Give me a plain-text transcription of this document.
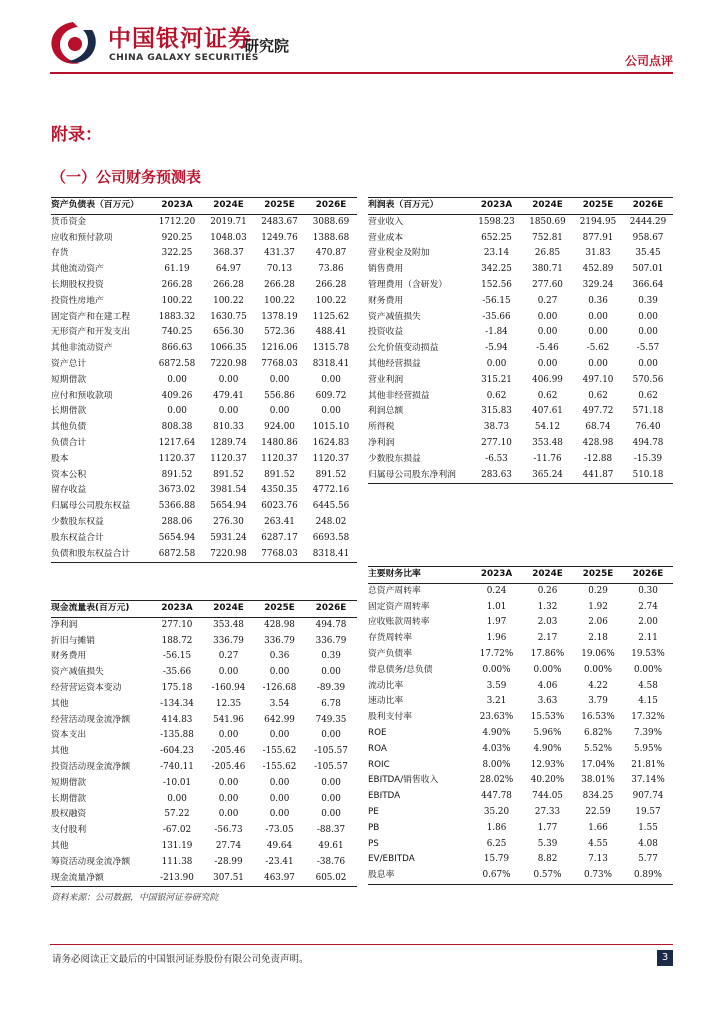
中国银河证券
CHINA GALAXY SECURITIES
研究院
公司点评
附录：
（一）公司财务预测表
资产负债表（百万元）	2023A	2024E	2025E	2026E
货币资金	1712.20	2019.71	2483.67	3088.69
应收和预付款项	920.25	1048.03	1249.76	1388.68
存货	322.25	368.37	431.37	470.87
其他流动资产	61.19	64.97	70.13	73.86
长期股权投资	266.28	266.28	266.28	266.28
投资性房地产	100.22	100.22	100.22	100.22
固定资产和在建工程	1883.32	1630.75	1378.19	1125.62
无形资产和开发支出	740.25	656.30	572.36	488.41
其他非流动资产	866.63	1066.35	1216.06	1315.78
资产总计	6872.58	7220.98	7768.03	8318.41
短期借款	0.00	0.00	0.00	0.00
应付和预收款项	409.26	479.41	556.86	609.72
长期借款	0.00	0.00	0.00	0.00
其他负债	808.38	810.33	924.00	1015.10
负债合计	1217.64	1289.74	1480.86	1624.83
股本	1120.37	1120.37	1120.37	1120.37
资本公积	891.52	891.52	891.52	891.52
留存收益	3673.02	3981.54	4350.35	4772.16
归属母公司股东权益	5366.88	5654.94	6023.76	6445.56
少数股东权益	288.06	276.30	263.41	248.02
股东权益合计	5654.94	5931.24	6287.17	6693.58
负债和股东权益合计	6872.58	7220.98	7768.03	8318.41
利润表（百万元）	2023A	2024E	2025E	2026E
营业收入	1598.23	1850.69	2194.95	2444.29
营业成本	652.25	752.81	877.91	958.67
营业税金及附加	23.14	26.85	31.83	35.45
销售费用	342.25	380.71	452.89	507.01
管理费用（含研发）	152.56	277.60	329.24	366.64
财务费用	-56.15	0.27	0.36	0.39
资产减值损失	-35.66	0.00	0.00	0.00
投资收益	-1.84	0.00	0.00	0.00
公允价值变动损益	-5.94	-5.46	-5.62	-5.57
其他经营损益	0.00	0.00	0.00	0.00
营业利润	315.21	406.99	497.10	570.56
其他非经营损益	0.62	0.62	0.62	0.62
利润总额	315.83	407.61	497.72	571.18
所得税	38.73	54.12	68.74	76.40
净利润	277.10	353.48	428.98	494.78
少数股东损益	-6.53	-11.76	-12.88	-15.39
归属母公司股东净利润	283.63	365.24	441.87	510.18
主要财务比率	2023A	2024E	2025E	2026E
总资产周转率	0.24	0.26	0.29	0.30
固定资产周转率	1.01	1.32	1.92	2.74
应收账款周转率	1.97	2.03	2.06	2.00
存货周转率	1.96	2.17	2.18	2.11
资产负债率	17.72%	17.86%	19.06%	19.53%
带息债务/总负债	0.00%	0.00%	0.00%	0.00%
流动比率	3.59	4.06	4.22	4.58
速动比率	3.21	3.63	3.79	4.15
股利支付率	23.63%	15.53%	16.53%	17.32%
ROE	4.90%	5.96%	6.82%	7.39%
ROA	4.03%	4.90%	5.52%	5.95%
ROIC	8.00%	12.93%	17.04%	21.81%
EBITDA/销售收入	28.02%	40.20%	38.01%	37.14%
EBITDA	447.78	744.05	834.25	907.74
PE	35.20	27.33	22.59	19.57
PB	1.86	1.77	1.66	1.55
PS	6.25	5.39	4.55	4.08
EV/EBITDA	15.79	8.82	7.13	5.77
股息率	0.67%	0.57%	0.73%	0.89%
现金流量表(百万元)	2023A	2024E	2025E	2026E
净利润	277.10	353.48	428.98	494.78
折旧与摊销	188.72	336.79	336.79	336.79
财务费用	-56.15	0.27	0.36	0.39
资产减值损失	-35.66	0.00	0.00	0.00
经营营运资本变动	175.18	-160.94	-126.68	-89.39
其他	-134.34	12.35	3.54	6.78
经营活动现金流净额	414.83	541.96	642.99	749.35
资本支出	-135.88	0.00	0.00	0.00
其他	-604.23	-205.46	-155.62	-105.57
投资活动现金流净额	-740.11	-205.46	-155.62	-105.57
短期借款	-10.01	0.00	0.00	0.00
长期借款	0.00	0.00	0.00	0.00
股权融资	57.22	0.00	0.00	0.00
支付股利	-67.02	-56.73	-73.05	-88.37
其他	131.19	27.74	49.64	49.61
筹资活动现金流净额	111.38	-28.99	-23.41	-38.76
现金流量净额	-213.90	307.51	463.97	605.02
资料来源：公司数据，中国银河证券研究院
请务必阅读正文最后的中国银河证券股份有限公司免责声明。	3
